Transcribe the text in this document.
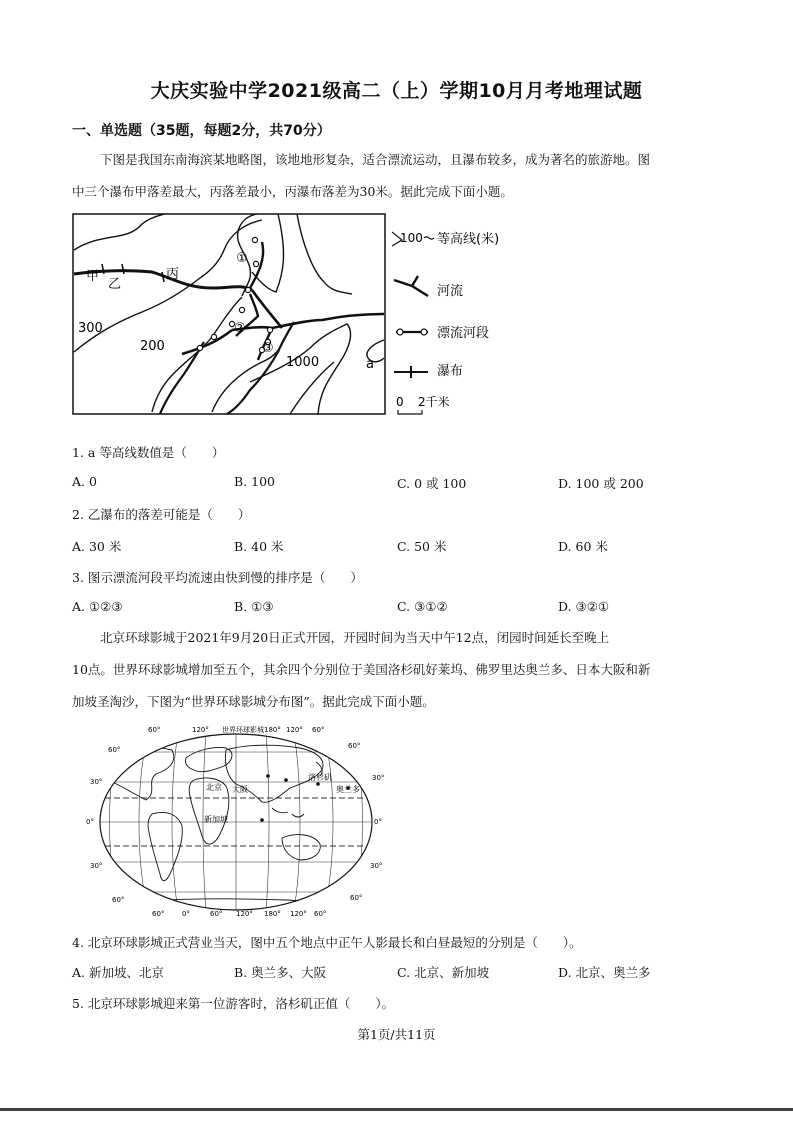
大庆实验中学2021级高二（上）学期10月月考地理试题
一、单选题（35题，每题2分，共70分）
下图是我国东南海滨某地略图，该地地形复杂，适合漂流运动，且瀑布较多，成为著名的旅游地。图
中三个瀑布甲落差最大，丙落差最小，丙瀑布落差为30米。据此完成下面小题。
甲
乙
丙
①
②
③
300
200
1000	a
100 等高线(米)
河流
漂流河段
瀑布
0 2千米
1. a 等高线数值是（　　）
A. 0	B. 100	C. 0 或 100	D. 100 或 200
2. 乙瀑布的落差可能是（　　）
A. 30 米	B. 40 米	C. 50 米	D. 60 米
3. 图示漂流河段平均流速由快到慢的排序是（　　）
A. ①②③	B. ①③	C. ③①②	D. ③②①
北京环球影城于2021年9月20日正式开园，开园时间为当天中午12点，闭园时间延长至晚上
10点。世界环球影城增加至五个，其余四个分别位于美国洛杉矶好莱坞、佛罗里达奥兰多、日本大阪和新
加坡圣淘沙，下图为“世界环球影城分布图”。据此完成下面小题。
北京 大阪
新加坡
洛杉矶
奥兰多
60°	120° 世界环球影城 180° 120° 60°
60°
30°
0°
30°
60°
60°
30°
0°
30°
60°
60°	0°	60° 120° 180° 120° 60°
4. 北京环球影城正式营业当天，图中五个地点中正午人影最长和白昼最短的分别是（　　）。
A. 新加坡、北京	B. 奥兰多、大阪	C. 北京、新加坡	D. 北京、奥兰多
5. 北京环球影城迎来第一位游客时，洛杉矶正值（　　）。
第1页/共11页
